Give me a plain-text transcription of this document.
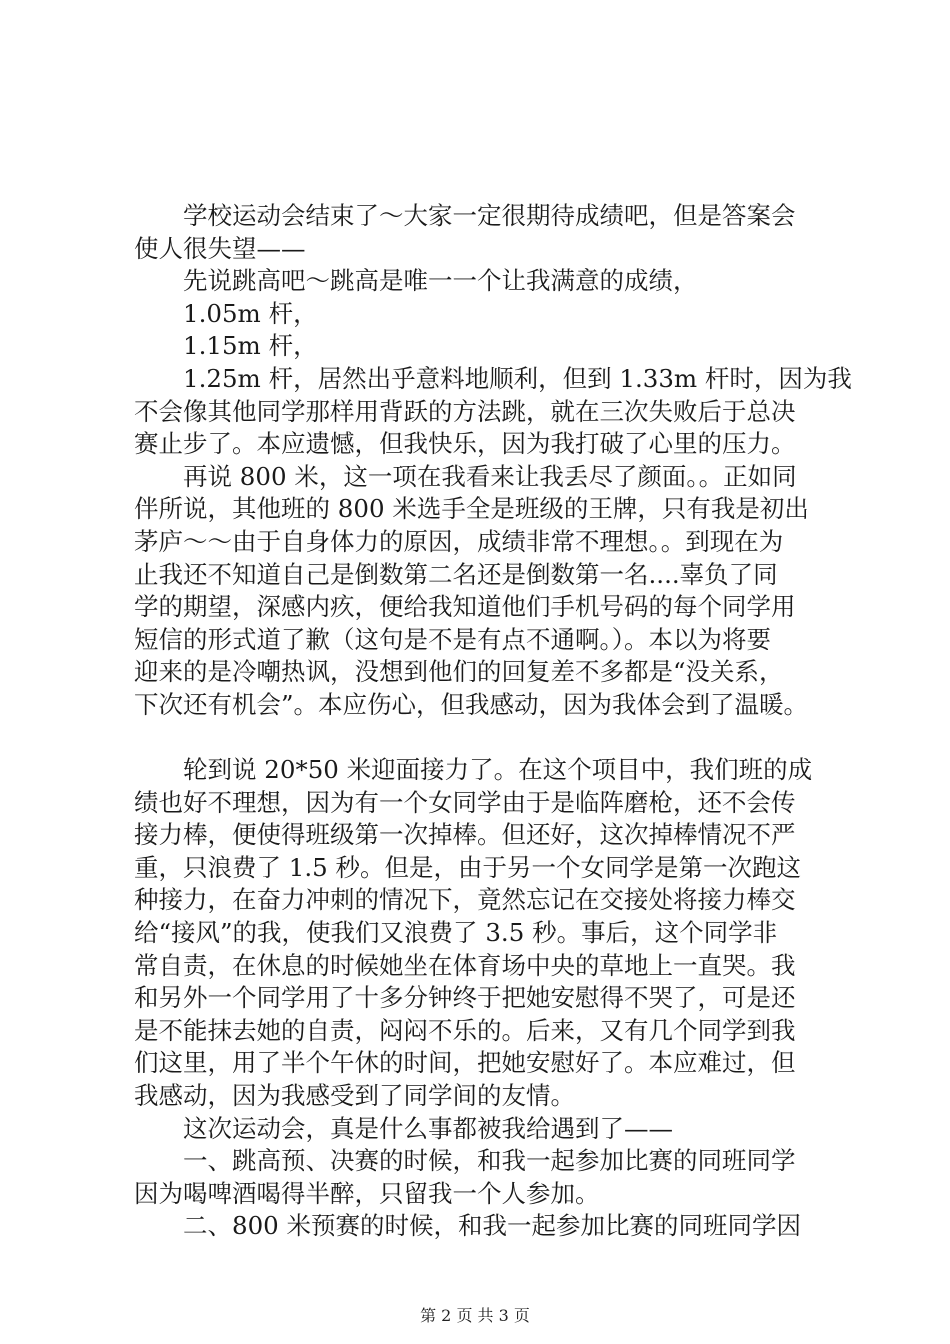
学校运动会结束了～大家一定很期待成绩吧，但是答案会
使人很失望——
先说跳高吧～跳高是唯一一个让我满意的成绩，
1.05m 杆，
1.15m 杆，
1.25m 杆，居然出乎意料地顺利，但到 1.33m 杆时，因为我
不会像其他同学那样用背跃的方法跳，就在三次失败后于总决
赛止步了。本应遗憾，但我快乐，因为我打破了心里的压力。
再说 800 米，这一项在我看来让我丢尽了颜面。。正如同
伴所说，其他班的 800 米选手全是班级的王牌，只有我是初出
茅庐～～由于自身体力的原因，成绩非常不理想。。到现在为
止我还不知道自己是倒数第二名还是倒数第一名....辜负了同
学的期望，深感内疚，便给我知道他们手机号码的每个同学用
短信的形式道了歉（这句是不是有点不通啊。）。本以为将要
迎来的是冷嘲热讽，没想到他们的回复差不多都是“没关系，
下次还有机会”。本应伤心，但我感动，因为我体会到了温暖。
轮到说 20*50 米迎面接力了。在这个项目中，我们班的成
绩也好不理想，因为有一个女同学由于是临阵磨枪，还不会传
接力棒，便使得班级第一次掉棒。但还好，这次掉棒情况不严
重，只浪费了 1.5 秒。但是，由于另一个女同学是第一次跑这
种接力，在奋力冲刺的情况下，竟然忘记在交接处将接力棒交
给“接风”的我，使我们又浪费了 3.5 秒。事后，这个同学非
常自责，在休息的时候她坐在体育场中央的草地上一直哭。我
和另外一个同学用了十多分钟终于把她安慰得不哭了，可是还
是不能抹去她的自责，闷闷不乐的。后来，又有几个同学到我
们这里，用了半个午休的时间，把她安慰好了。本应难过，但
我感动，因为我感受到了同学间的友情。
这次运动会，真是什么事都被我给遇到了——
一、跳高预、决赛的时候，和我一起参加比赛的同班同学
因为喝啤酒喝得半醉，只留我一个人参加。
二、800 米预赛的时候，和我一起参加比赛的同班同学因
第 2 页 共 3 页
